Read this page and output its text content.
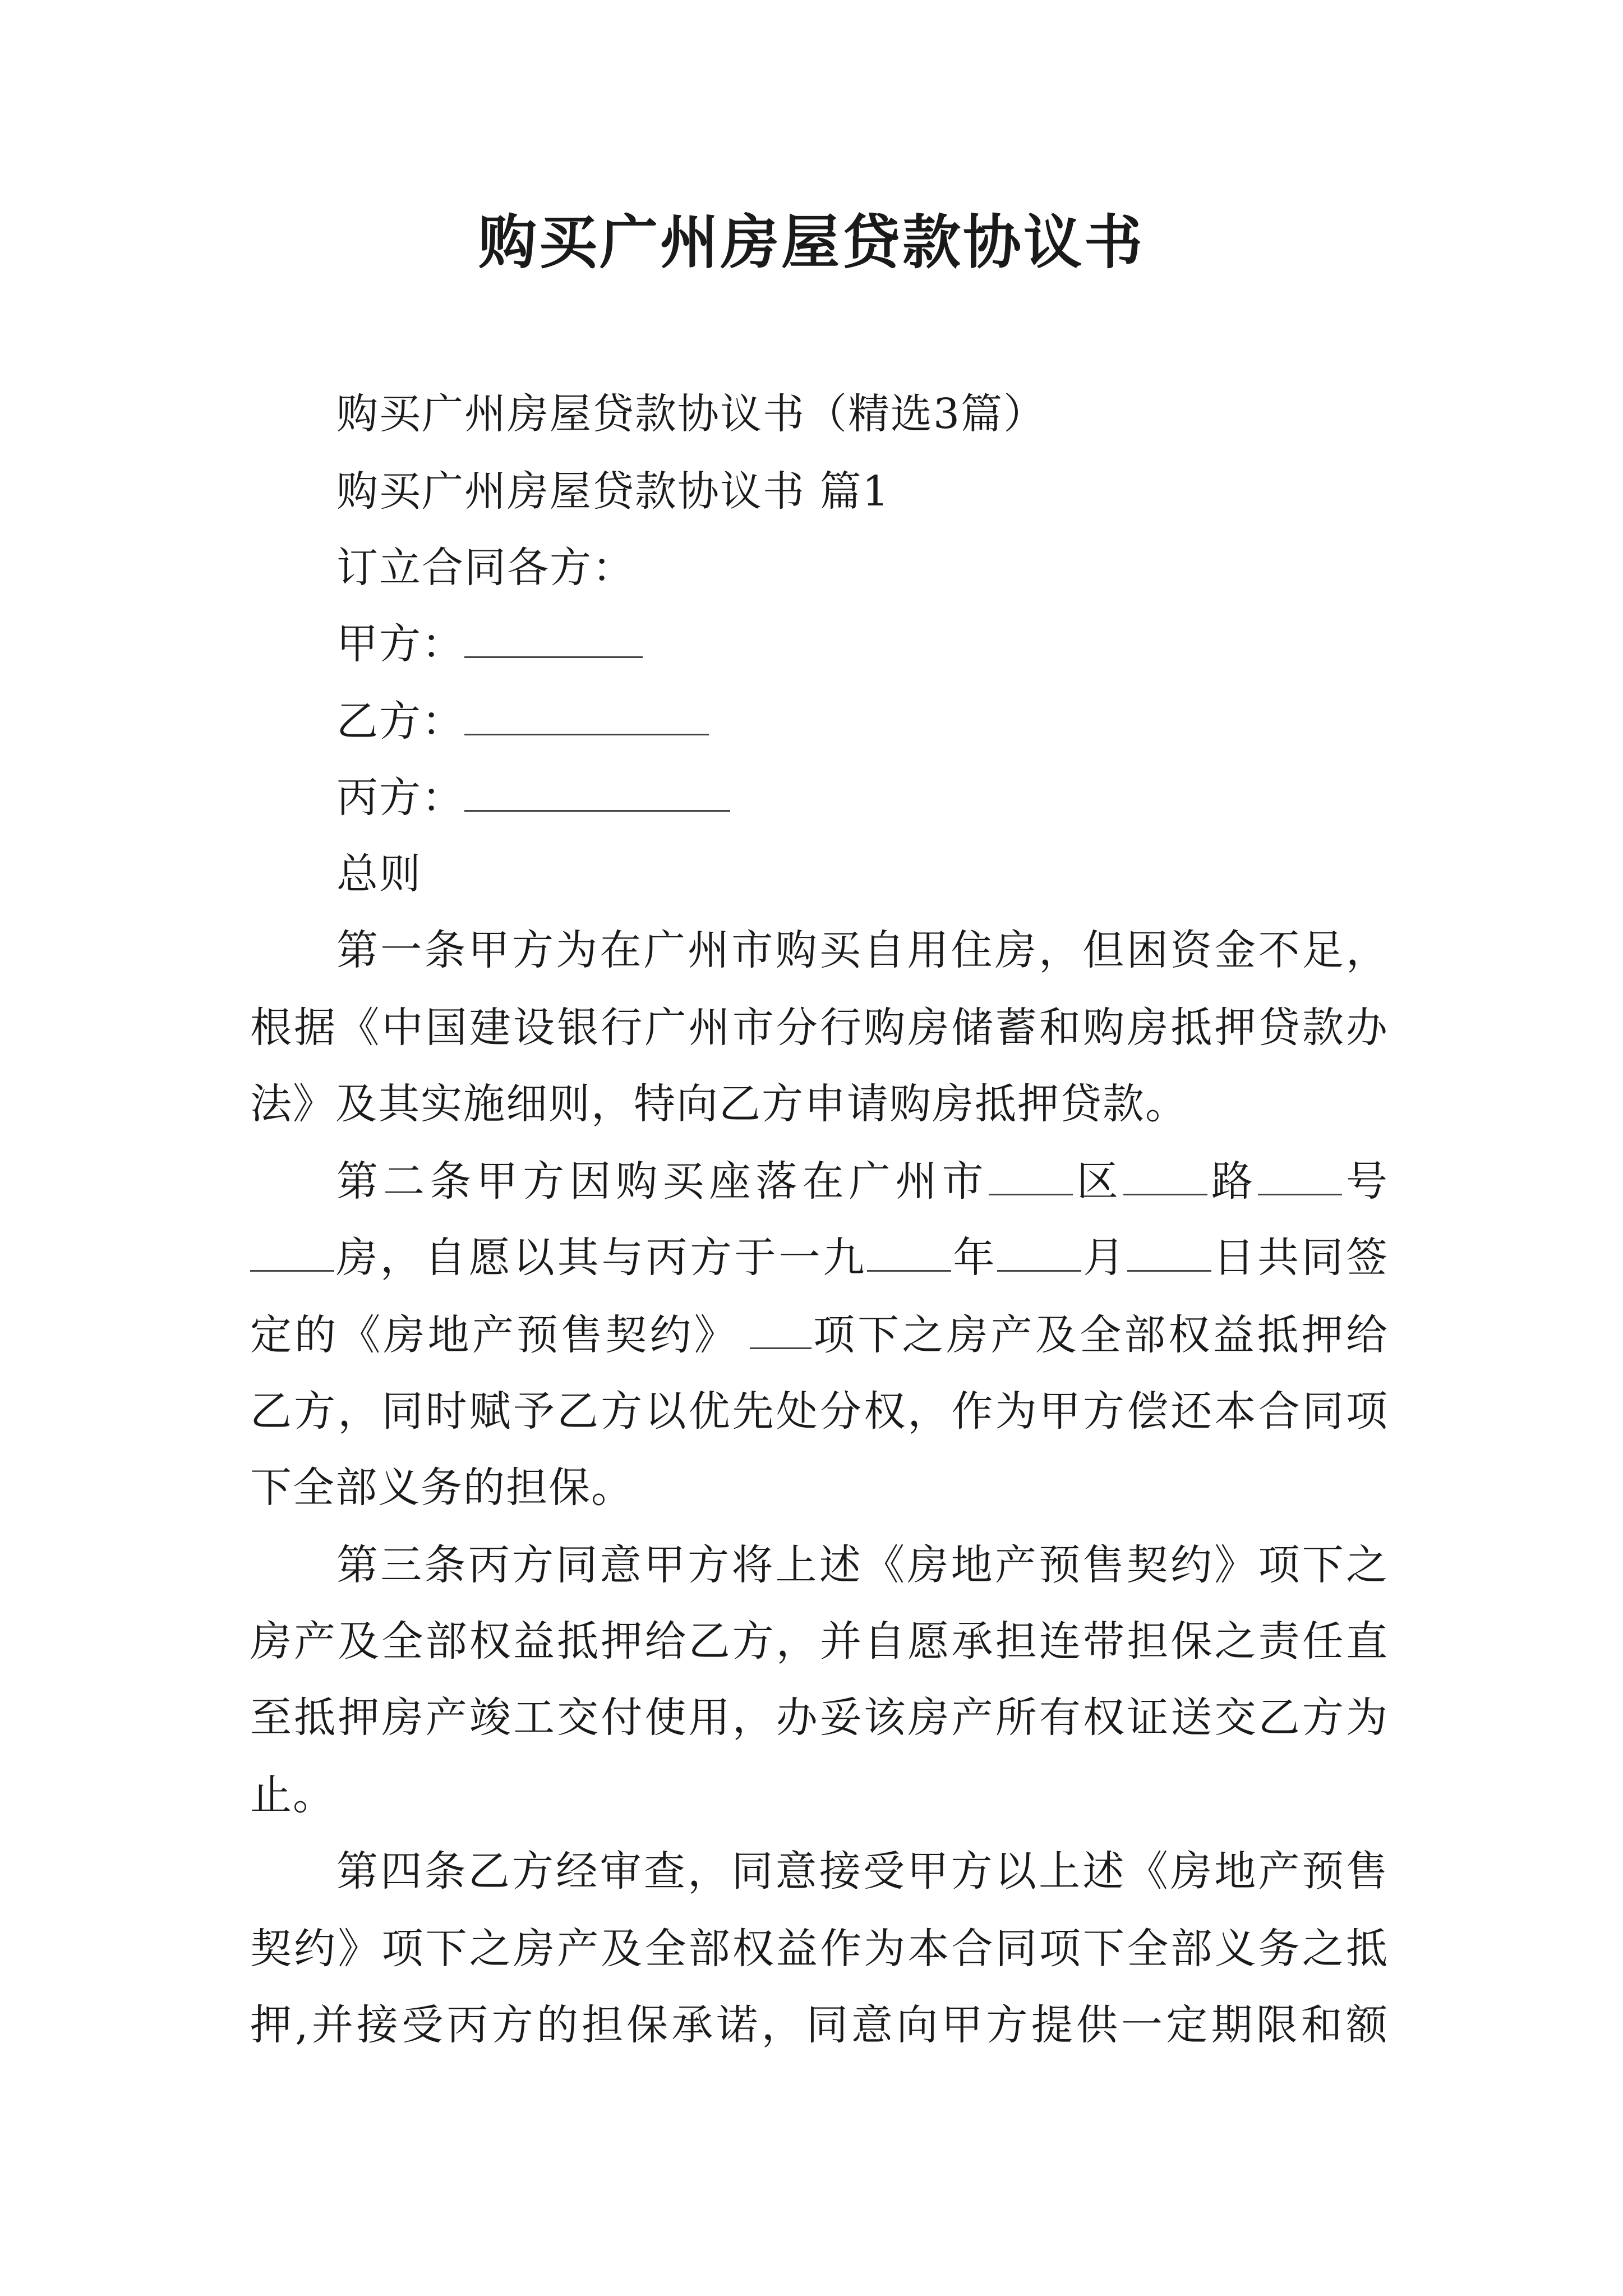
购买广州房屋贷款协议书
购买广州房屋贷款协议书（精选3篇）
购买广州房屋贷款协议书 篇1
订立合同各方：
甲方：
乙方：
丙方：
总则
第一条甲方为在广州市购买自用住房，但困资金不足，
根据《中国建设银行广州市分行购房储蓄和购房抵押贷款办
法》及其实施细则，特向乙方申请购房抵押贷款。
第二条甲方因购买座落在广州市 区 路 号
房，自愿以其与丙方于一九 年 月 日共同签
定的《房地产预售契约》 项下之房产及全部权益抵押给
乙方，同时赋予乙方以优先处分权，作为甲方偿还本合同项
下全部义务的担保。
第三条丙方同意甲方将上述《房地产预售契约》项下之
房产及全部权益抵押给乙方，并自愿承担连带担保之责任直
至抵押房产竣工交付使用，办妥该房产所有权证送交乙方为
止。
第四条乙方经审查，同意接受甲方以上述《房地产预售
契约》项下之房产及全部权益作为本合同项下全部义务之抵
押,并接受丙方的担保承诺，同意向甲方提供一定期限和额
